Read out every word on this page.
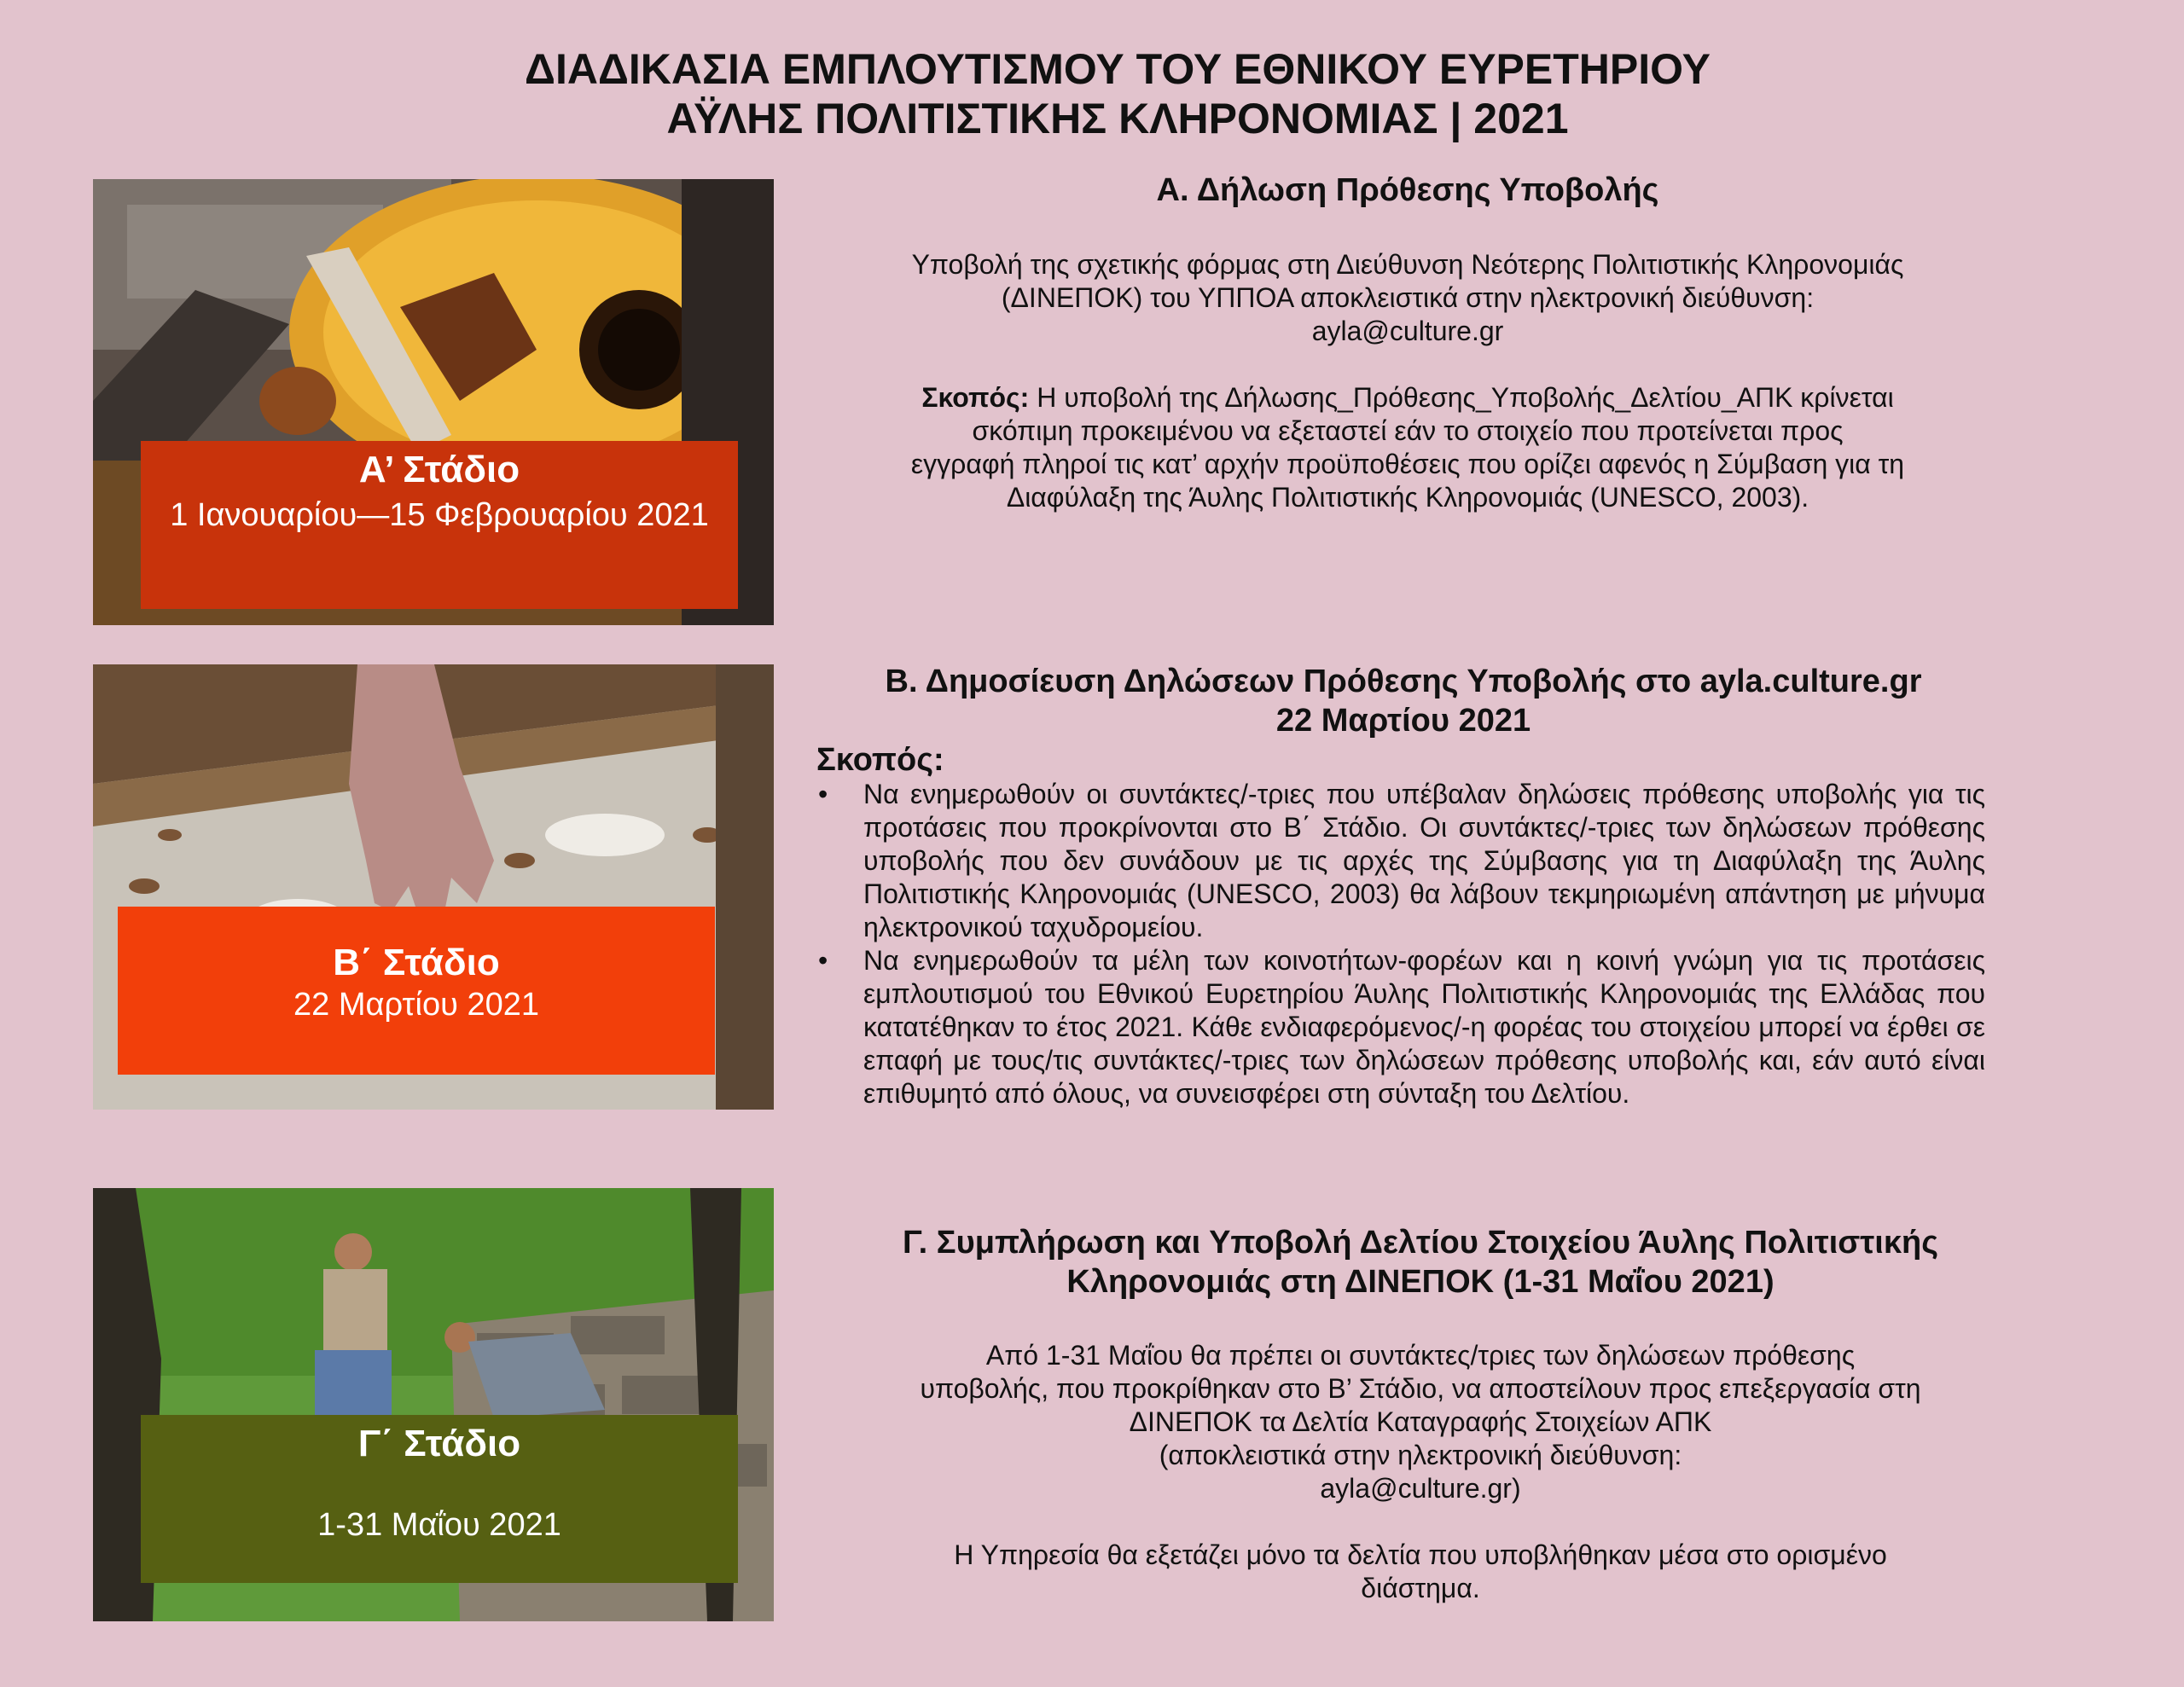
ΔΙΑΔΙΚΑΣΙΑ ΕΜΠΛΟΥΤΙΣΜΟΥ ΤΟΥ ΕΘΝΙΚΟΥ ΕΥΡΕΤΗΡΙΟΥ
ΑΫΛΗΣ ΠΟΛΙΤΙΣΤΙΚΗΣ ΚΛΗΡΟΝΟΜΙΑΣ | 2021
Α’ Στάδιο
1 Ιανουαρίου—15 Φεβρουαρίου 2021
Α. Δήλωση Πρόθεσης Υποβολής
Υποβολή της σχετικής φόρμας στη Διεύθυνση Νεότερης Πολιτιστικής Κληρονομιάς
(ΔΙΝΕΠΟΚ) του ΥΠΠΟΑ αποκλειστικά στην ηλεκτρονική διεύθυνση:
ayla@culture.gr
Σκοπός: Η υποβολή της Δήλωσης_Πρόθεσης_Υποβολής_Δελτίου_ΑΠΚ κρίνεται
σκόπιμη προκειμένου να εξεταστεί εάν το στοιχείο που προτείνεται προς
εγγραφή πληροί τις κατ’ αρχήν προϋποθέσεις που ορίζει αφενός η Σύμβαση για τη
Διαφύλαξη της Άυλης Πολιτιστικής Κληρονομιάς (UNESCO, 2003).
Β΄ Στάδιο
22 Μαρτίου 2021
Β. Δημοσίευση Δηλώσεων Πρόθεσης Υποβολής στο ayla.culture.gr
22 Μαρτίου 2021
Σκοπός:
• Να ενημερωθούν οι συντάκτες/-τριες που υπέβαλαν δηλώσεις πρόθεσης υποβολής για τις προτάσεις που προκρίνονται στο Β΄ Στάδιο. Οι συντάκτες/-τριες των δηλώσεων πρόθεσης υποβολής που δεν συνάδουν με τις αρχές της Σύμβασης για τη Διαφύλαξη της Άυλης Πολιτιστικής Κληρονομιάς (UNESCO, 2003) θα λάβουν τεκμηριωμένη απάντηση με μήνυμα ηλεκτρονικού ταχυδρομείου.
• Να ενημερωθούν τα μέλη των κοινοτήτων-φορέων και η κοινή γνώμη για τις προτάσεις εμπλουτισμού του Εθνικού Ευρετηρίου Άυλης Πολιτιστικής Κληρονομιάς της Ελλάδας που κατατέθηκαν το έτος 2021. Κάθε ενδιαφερόμενος/-η φορέας του στοιχείου μπορεί να έρθει σε επαφή με τους/τις συντάκτες/-τριες των δηλώσεων πρόθεσης υποβολής και, εάν αυτό είναι επιθυμητό από όλους, να συνεισφέρει στη σύνταξη του Δελτίου.
Γ΄ Στάδιο
1-31 Μαΐου 2021
Γ. Συμπλήρωση και Υποβολή Δελτίου Στοιχείου Άυλης Πολιτιστικής
Κληρονομιάς στη ΔΙΝΕΠΟΚ (1-31 Μαΐου 2021)
Από 1-31 Μαΐου θα πρέπει οι συντάκτες/τριες των δηλώσεων πρόθεσης
υποβολής, που προκρίθηκαν στο Β’ Στάδιο, να αποστείλουν προς επεξεργασία στη
ΔΙΝΕΠΟΚ τα Δελτία Καταγραφής Στοιχείων ΑΠΚ
(αποκλειστικά στην ηλεκτρονική διεύθυνση:
ayla@culture.gr)
Η Υπηρεσία θα εξετάζει μόνο τα δελτία που υποβλήθηκαν μέσα στο ορισμένο
διάστημα.
